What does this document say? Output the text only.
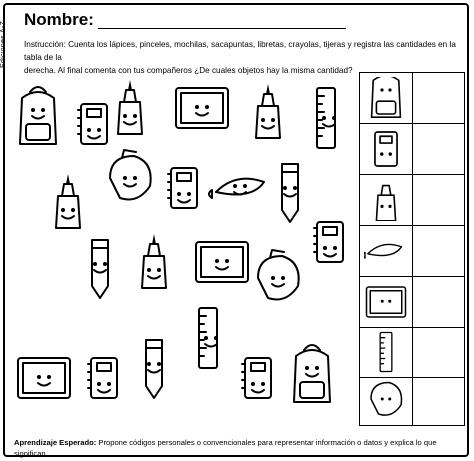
Ediciones A-Z
Nombre:
Instrucción: Cuenta los lápices, pinceles, mochilas, sacapuntas, libretas, crayolas, tijeras y registra las cantidades en la tabla de la
derecha. Al final comenta con tus compañeros ¿De cuales objetos hay la misma cantidad?
Aprendizaje Esperado: Propone códigos personales o convencionales para representar información o datos y explica lo que
significan.
